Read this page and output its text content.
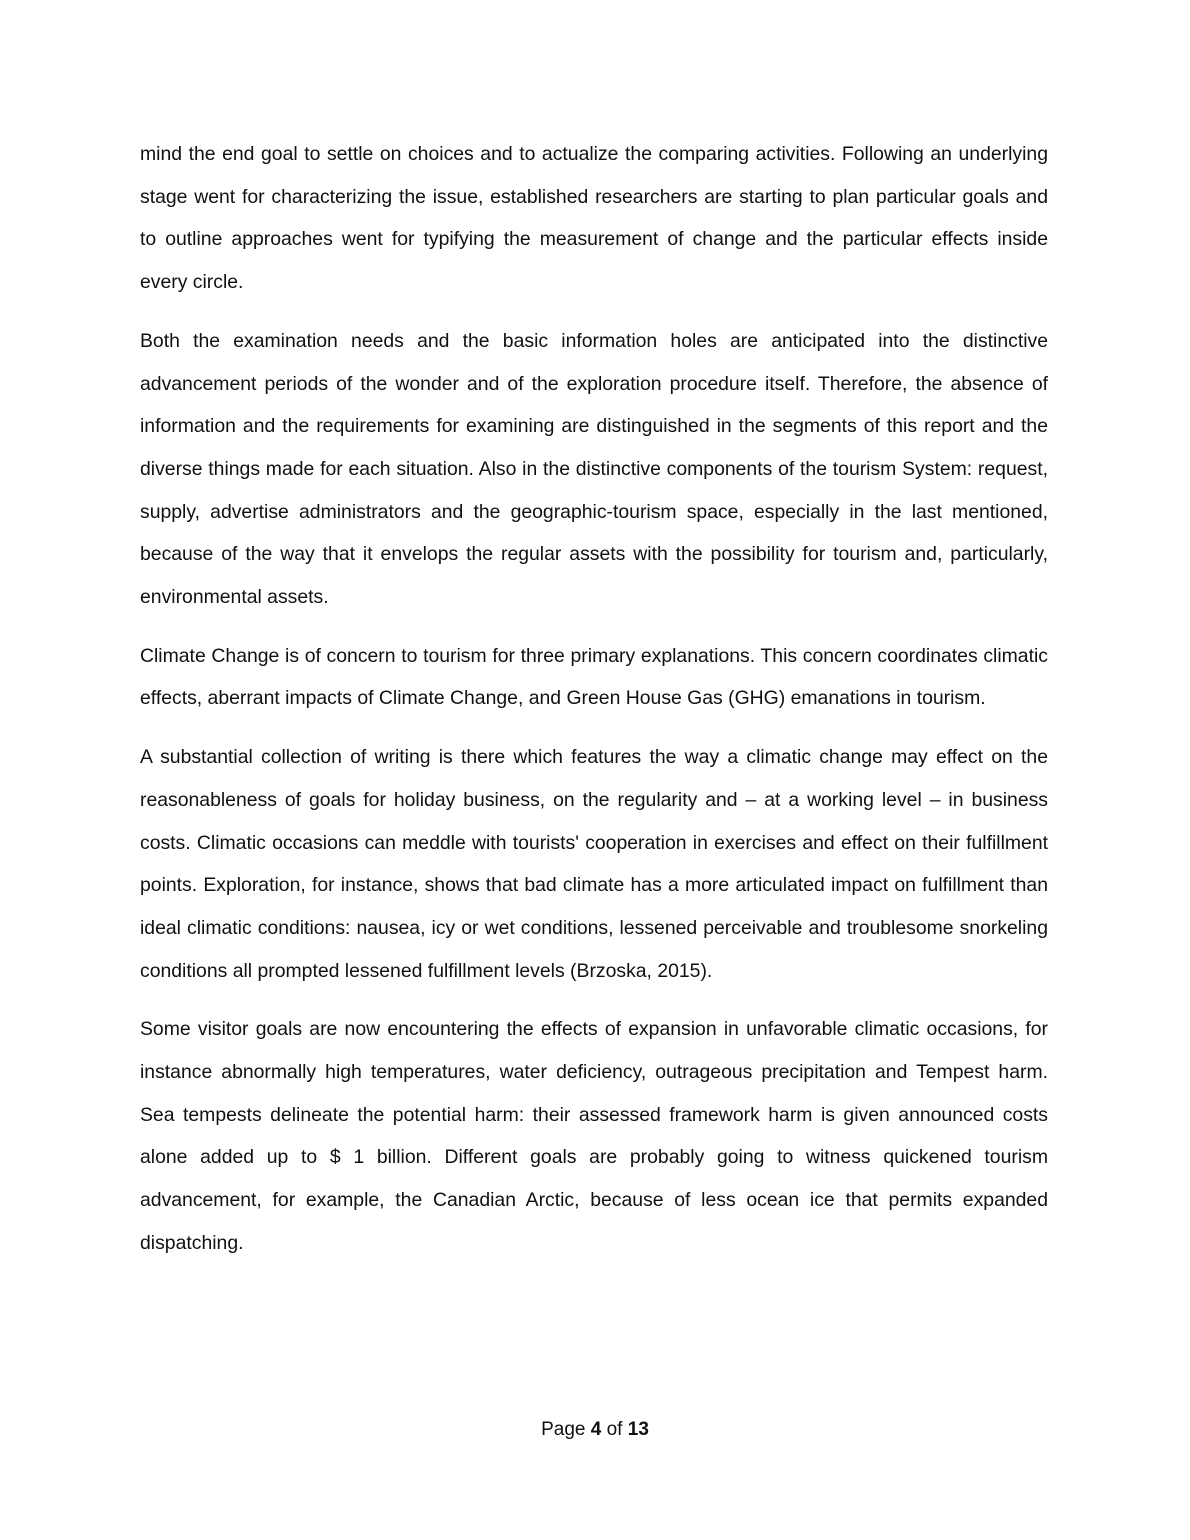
mind the end goal to settle on choices and to actualize the comparing activities. Following an underlying stage went for characterizing the issue, established researchers are starting to plan particular goals and to outline approaches went for typifying the measurement of change and the particular effects inside every circle.

Both the examination needs and the basic information holes are anticipated into the distinctive advancement periods of the wonder and of the exploration procedure itself. Therefore, the absence of information and the requirements for examining are distinguished in the segments of this report and the diverse things made for each situation. Also in the distinctive components of the tourism System: request, supply, advertise administrators and the geographic-tourism space, especially in the last mentioned, because of the way that it envelops the regular assets with the possibility for tourism and, particularly, environmental assets.

Climate Change is of concern to tourism for three primary explanations. This concern coordinates climatic effects, aberrant impacts of Climate Change, and Green House Gas (GHG) emanations in tourism.

A substantial collection of writing is there which features the way a climatic change may effect on the reasonableness of goals for holiday business, on the regularity and – at a working level – in business costs. Climatic occasions can meddle with tourists' cooperation in exercises and effect on their fulfillment points. Exploration, for instance, shows that bad climate has a more articulated impact on fulfillment than ideal climatic conditions: nausea, icy or wet conditions, lessened perceivable and troublesome snorkeling conditions all prompted lessened fulfillment levels (Brzoska, 2015).

Some visitor goals are now encountering the effects of expansion in unfavorable climatic occasions, for instance abnormally high temperatures, water deficiency, outrageous precipitation and Tempest harm. Sea tempests delineate the potential harm: their assessed framework harm is given announced costs alone added up to $ 1 billion. Different goals are probably going to witness quickened tourism advancement, for example, the Canadian Arctic, because of less ocean ice that permits expanded dispatching.

Page 4 of 13
